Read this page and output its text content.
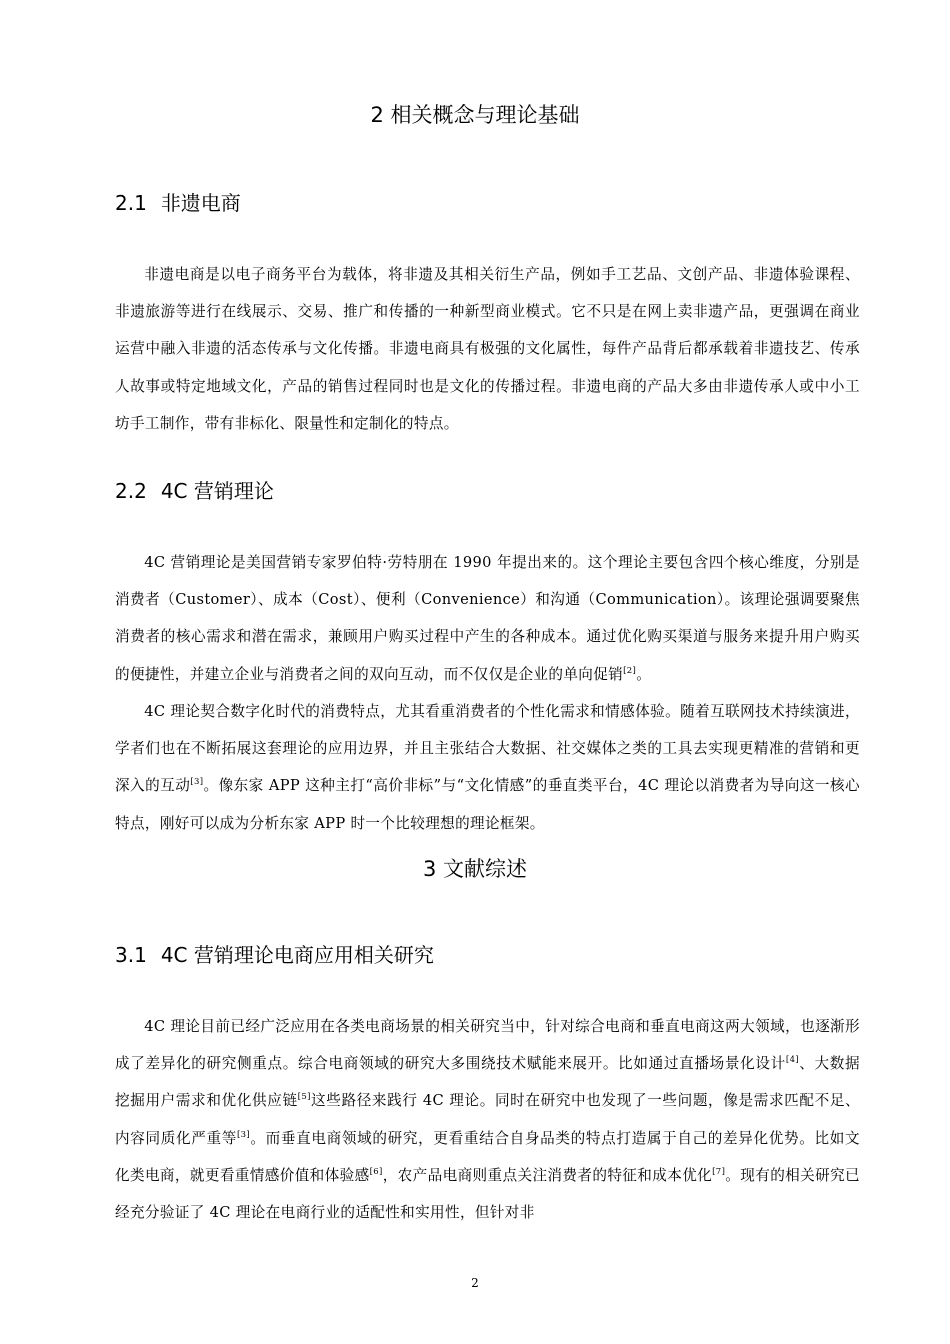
2 相关概念与理论基础
2.1 非遗电商

非遗电商是以电子商务平台为载体，将非遗及其相关衍生产品，例如手工艺品、文创产品、非遗体验课程、非遗旅游等进行在线展示、交易、推广和传播的一种新型商业模式。它不只是在网上卖非遗产品，更强调在商业运营中融入非遗的活态传承与文化传播。非遗电商具有极强的文化属性，每件产品背后都承载着非遗技艺、传承人故事或特定地域文化，产品的销售过程同时也是文化的传播过程。非遗电商的产品大多由非遗传承人或中小工坊手工制作，带有非标化、限量性和定制化的特点。

2.2 4C 营销理论

4C 营销理论是美国营销专家罗伯特·劳特朋在 1990 年提出来的。这个理论主要包含四个核心维度，分别是消费者（Customer）、成本（Cost）、便利（Convenience）和沟通（Communication）。该理论强调要聚焦消费者的核心需求和潜在需求，兼顾用户购买过程中产生的各种成本。通过优化购买渠道与服务来提升用户购买的便捷性，并建立企业与消费者之间的双向互动，而不仅仅是企业的单向促销[2]。

4C 理论契合数字化时代的消费特点，尤其看重消费者的个性化需求和情感体验。随着互联网技术持续演进，学者们也在不断拓展这套理论的应用边界，并且主张结合大数据、社交媒体之类的工具去实现更精准的营销和更深入的互动[3]。像东家 APP 这种主打“高价非标”与“文化情感”的垂直类平台，4C 理论以消费者为导向这一核心特点，刚好可以成为分析东家 APP 时一个比较理想的理论框架。

3 文献综述
3.1 4C 营销理论电商应用相关研究

4C 理论目前已经广泛应用在各类电商场景的相关研究当中，针对综合电商和垂直电商这两大领域，也逐渐形成了差异化的研究侧重点。综合电商领域的研究大多围绕技术赋能来展开。比如通过直播场景化设计[4]、大数据挖掘用户需求和优化供应链[5]这些路径来践行 4C 理论。同时在研究中也发现了一些问题，像是需求匹配不足、内容同质化严重等[3]。而垂直电商领域的研究，更看重结合自身品类的特点打造属于自己的差异化优势。比如文化类电商，就更看重情感价值和体验感[6]，农产品电商则重点关注消费者的特征和成本优化[7]。现有的相关研究已经充分验证了 4C 理论在电商行业的适配性和实用性，但针对非

2
